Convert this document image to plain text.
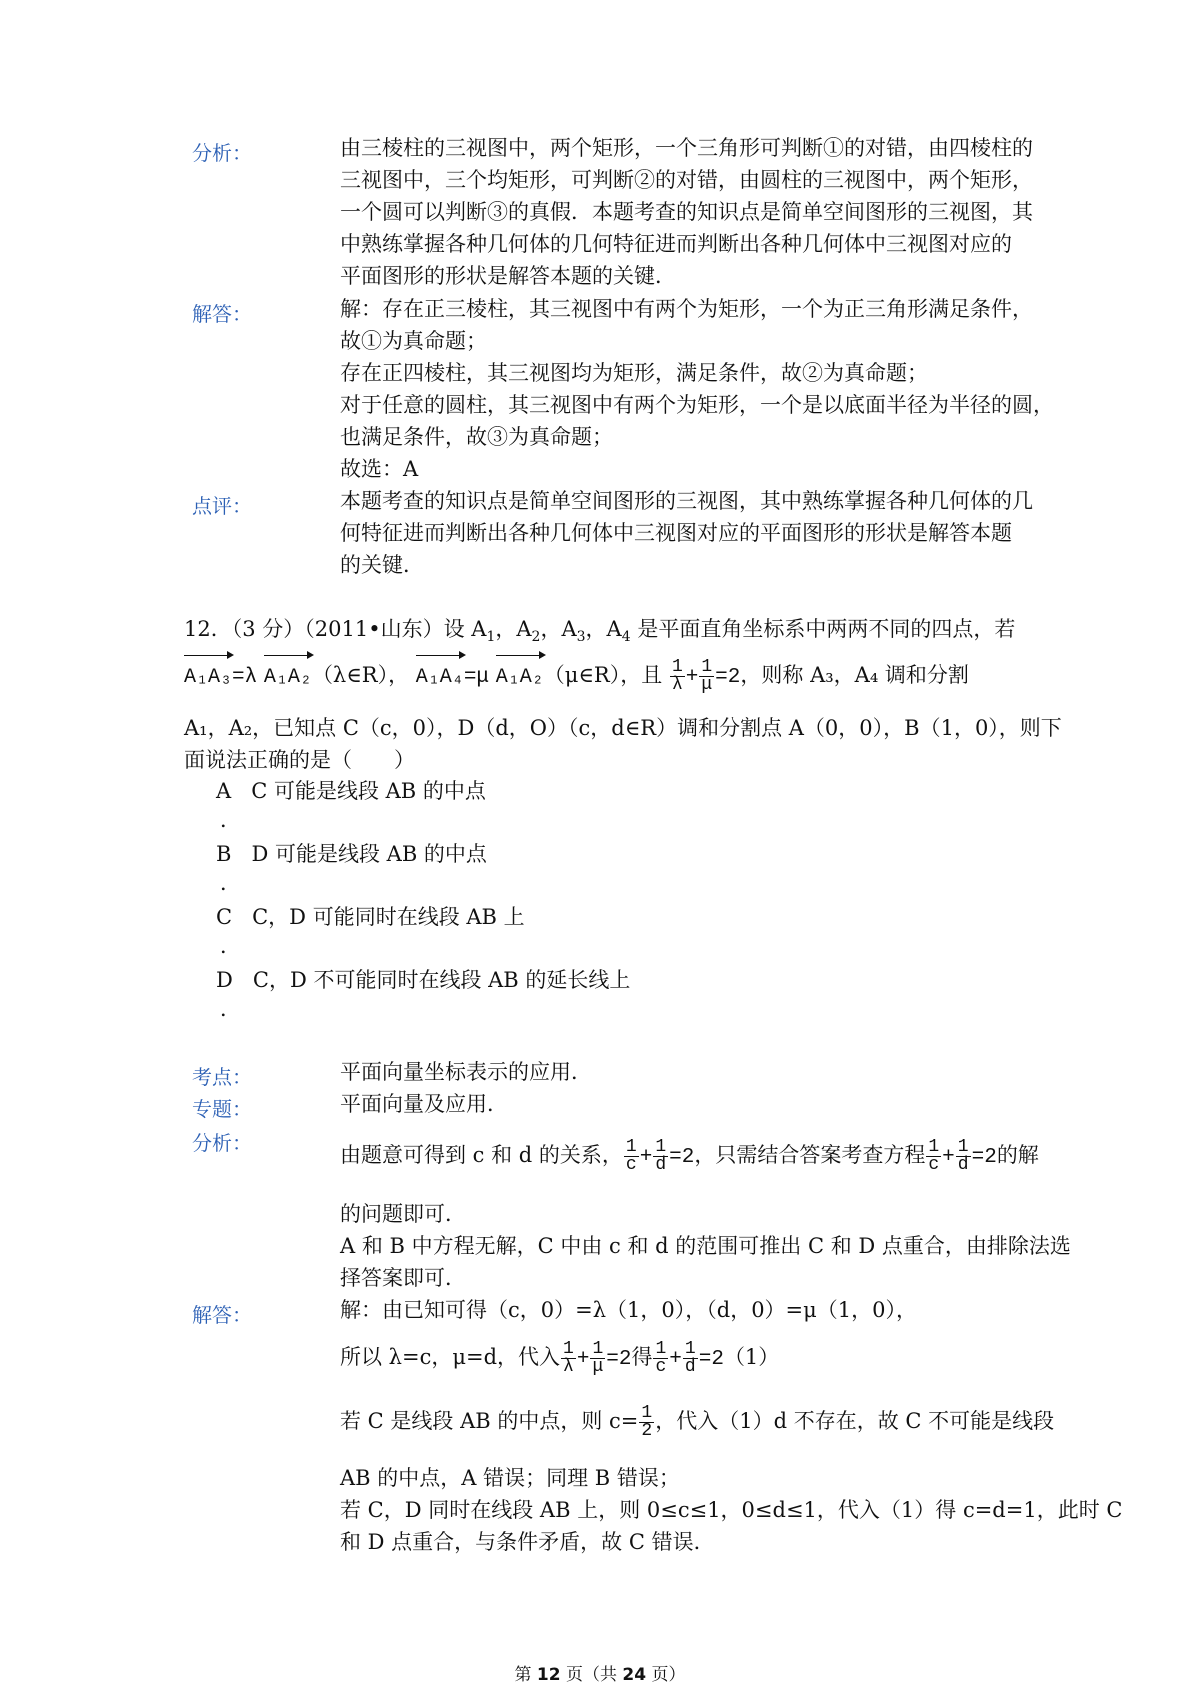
分析：	由三棱柱的三视图中，两个矩形，一个三角形可判断①的对错，由四棱柱的
三视图中，三个均矩形，可判断②的对错，由圆柱的三视图中，两个矩形，
一个圆可以判断③的真假．本题考查的知识点是简单空间图形的三视图，其
中熟练掌握各种几何体的几何特征进而判断出各种几何体中三视图对应的
平面图形的形状是解答本题的关键．
解答：	解：存在正三棱柱，其三视图中有两个为矩形，一个为正三角形满足条件，
故①为真命题；
存在正四棱柱，其三视图均为矩形，满足条件，故②为真命题；
对于任意的圆柱，其三视图中有两个为矩形，一个是以底面半径为半径的圆，
也满足条件，故③为真命题；
故选：A
点评：	本题考查的知识点是简单空间图形的三视图，其中熟练掌握各种几何体的几
何特征进而判断出各种几何体中三视图对应的平面图形的形状是解答本题
的关键．
12．（3 分）（2011•山东）设 $A_1$，$A_2$，$A_3$，$A_4$ 是平面直角坐标系中两两不同的四点，若
A₁A₃=λ A₁A₂（λ∈R）， A₁A₄=μ A₁A₂（μ∈R），且 $\frac{1}{\lambda} + \frac{1}{\mu} =2$，则称 A₃，A₄ 调和分割
A₁，A₂，已知点 C（c，0），D（d，O）（c，d∈R）调和分割点 A（0，0），B（1，0），则下
面说法正确的是（　　）
A C 可能是线段 AB 的中点
．
B D 可能是线段 AB 的中点
．
C C，D 可能同时在线段 AB 上
．
D C，D 不可能同时在线段 AB 的延长线上
．
考点：	平面向量坐标表示的应用．
专题：	平面向量及应用．
分析：	由题意可得到 c 和 d 的关系， $\frac{1}{c} + \frac{1}{d} =2$，只需结合答案考查方程 $\frac{1}{c} + \frac{1}{d} =2$的解
的问题即可．
A 和 B 中方程无解，C 中由 c 和 d 的范围可推出 C 和 D 点重合，由排除法选
择答案即可．
解答：	解：由已知可得（c，0）=λ（1，0），（d，0）=μ（1，0），
所以 λ=c，μ=d，代入 $\frac{1}{\lambda} + \frac{1}{\mu} =2$得 $\frac{1}{c} + \frac{1}{d} =2(1)$
若 C 是线段 AB 的中点，则 $c= \frac{1}{2}$ ，代入（1）d 不存在，故 C 不可能是线段
AB 的中点，A 错误；同理 B 错误；
若 C，D 同时在线段 AB 上，则 0≤c≤1，0≤d≤1，代入（1）得 c=d=1，此时 C
和 D 点重合，与条件矛盾，故 C 错误．
第 12 页（共 24 页）
